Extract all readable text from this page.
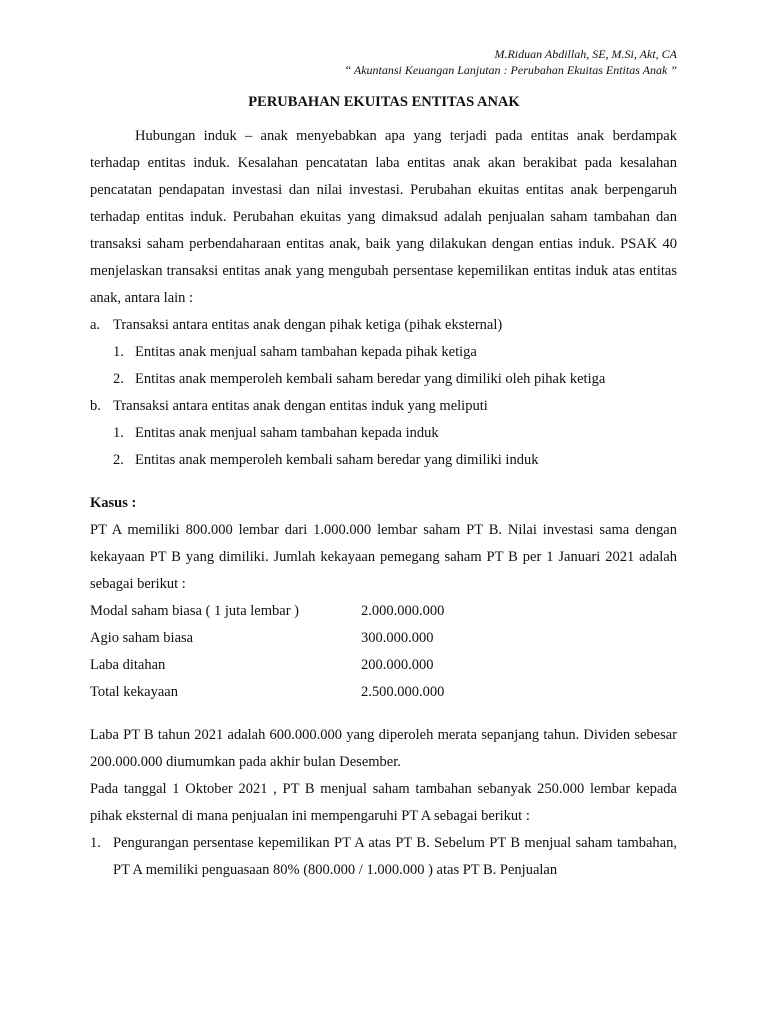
M.Riduan Abdillah, SE, M.Si, Akt, CA
“ Akuntansi Keuangan Lanjutan : Perubahan Ekuitas Entitas Anak ”
PERUBAHAN EKUITAS ENTITAS ANAK

Hubungan induk – anak menyebabkan apa yang terjadi pada entitas anak berdampak terhadap entitas induk. Kesalahan pencatatan laba entitas anak akan berakibat pada kesalahan pencatatan pendapatan investasi dan nilai investasi. Perubahan ekuitas entitas anak berpengaruh terhadap entitas induk. Perubahan ekuitas yang dimaksud adalah penjualan saham tambahan dan transaksi saham perbendaharaan entitas anak, baik yang dilakukan dengan entias induk. PSAK 40 menjelaskan transaksi entitas anak yang mengubah persentase kepemilikan entitas induk atas entitas anak, antara lain :

a. Transaksi antara entitas anak dengan pihak ketiga (pihak eksternal)
1. Entitas anak menjual saham tambahan kepada pihak ketiga
2. Entitas anak memperoleh kembali saham beredar yang dimiliki oleh pihak ketiga
b. Transaksi antara entitas anak dengan entitas induk yang meliputi
1. Entitas anak menjual saham tambahan kepada induk
2. Entitas anak memperoleh kembali saham beredar yang dimiliki induk

Kasus :

PT A memiliki 800.000 lembar dari 1.000.000 lembar saham PT B. Nilai investasi sama dengan kekayaan PT B yang dimiliki. Jumlah kekayaan pemegang saham PT B per 1 Januari 2021 adalah sebagai berikut :

Modal saham biasa ( 1 juta lembar )	2.000.000.000
Agio saham biasa	300.000.000
Laba ditahan	200.000.000
Total kekayaan	2.500.000.000

Laba PT B tahun 2021 adalah 600.000.000 yang diperoleh merata sepanjang tahun. Dividen sebesar 200.000.000 diumumkan pada akhir bulan Desember.

Pada tanggal 1 Oktober 2021 , PT B menjual saham tambahan sebanyak 250.000 lembar kepada pihak eksternal di mana penjualan ini mempengaruhi PT A sebagai berikut :

1. Pengurangan persentase kepemilikan PT A atas PT B. Sebelum PT B menjual saham tambahan, PT A memiliki penguasaan 80% (800.000 / 1.000.000 ) atas PT B. Penjualan
